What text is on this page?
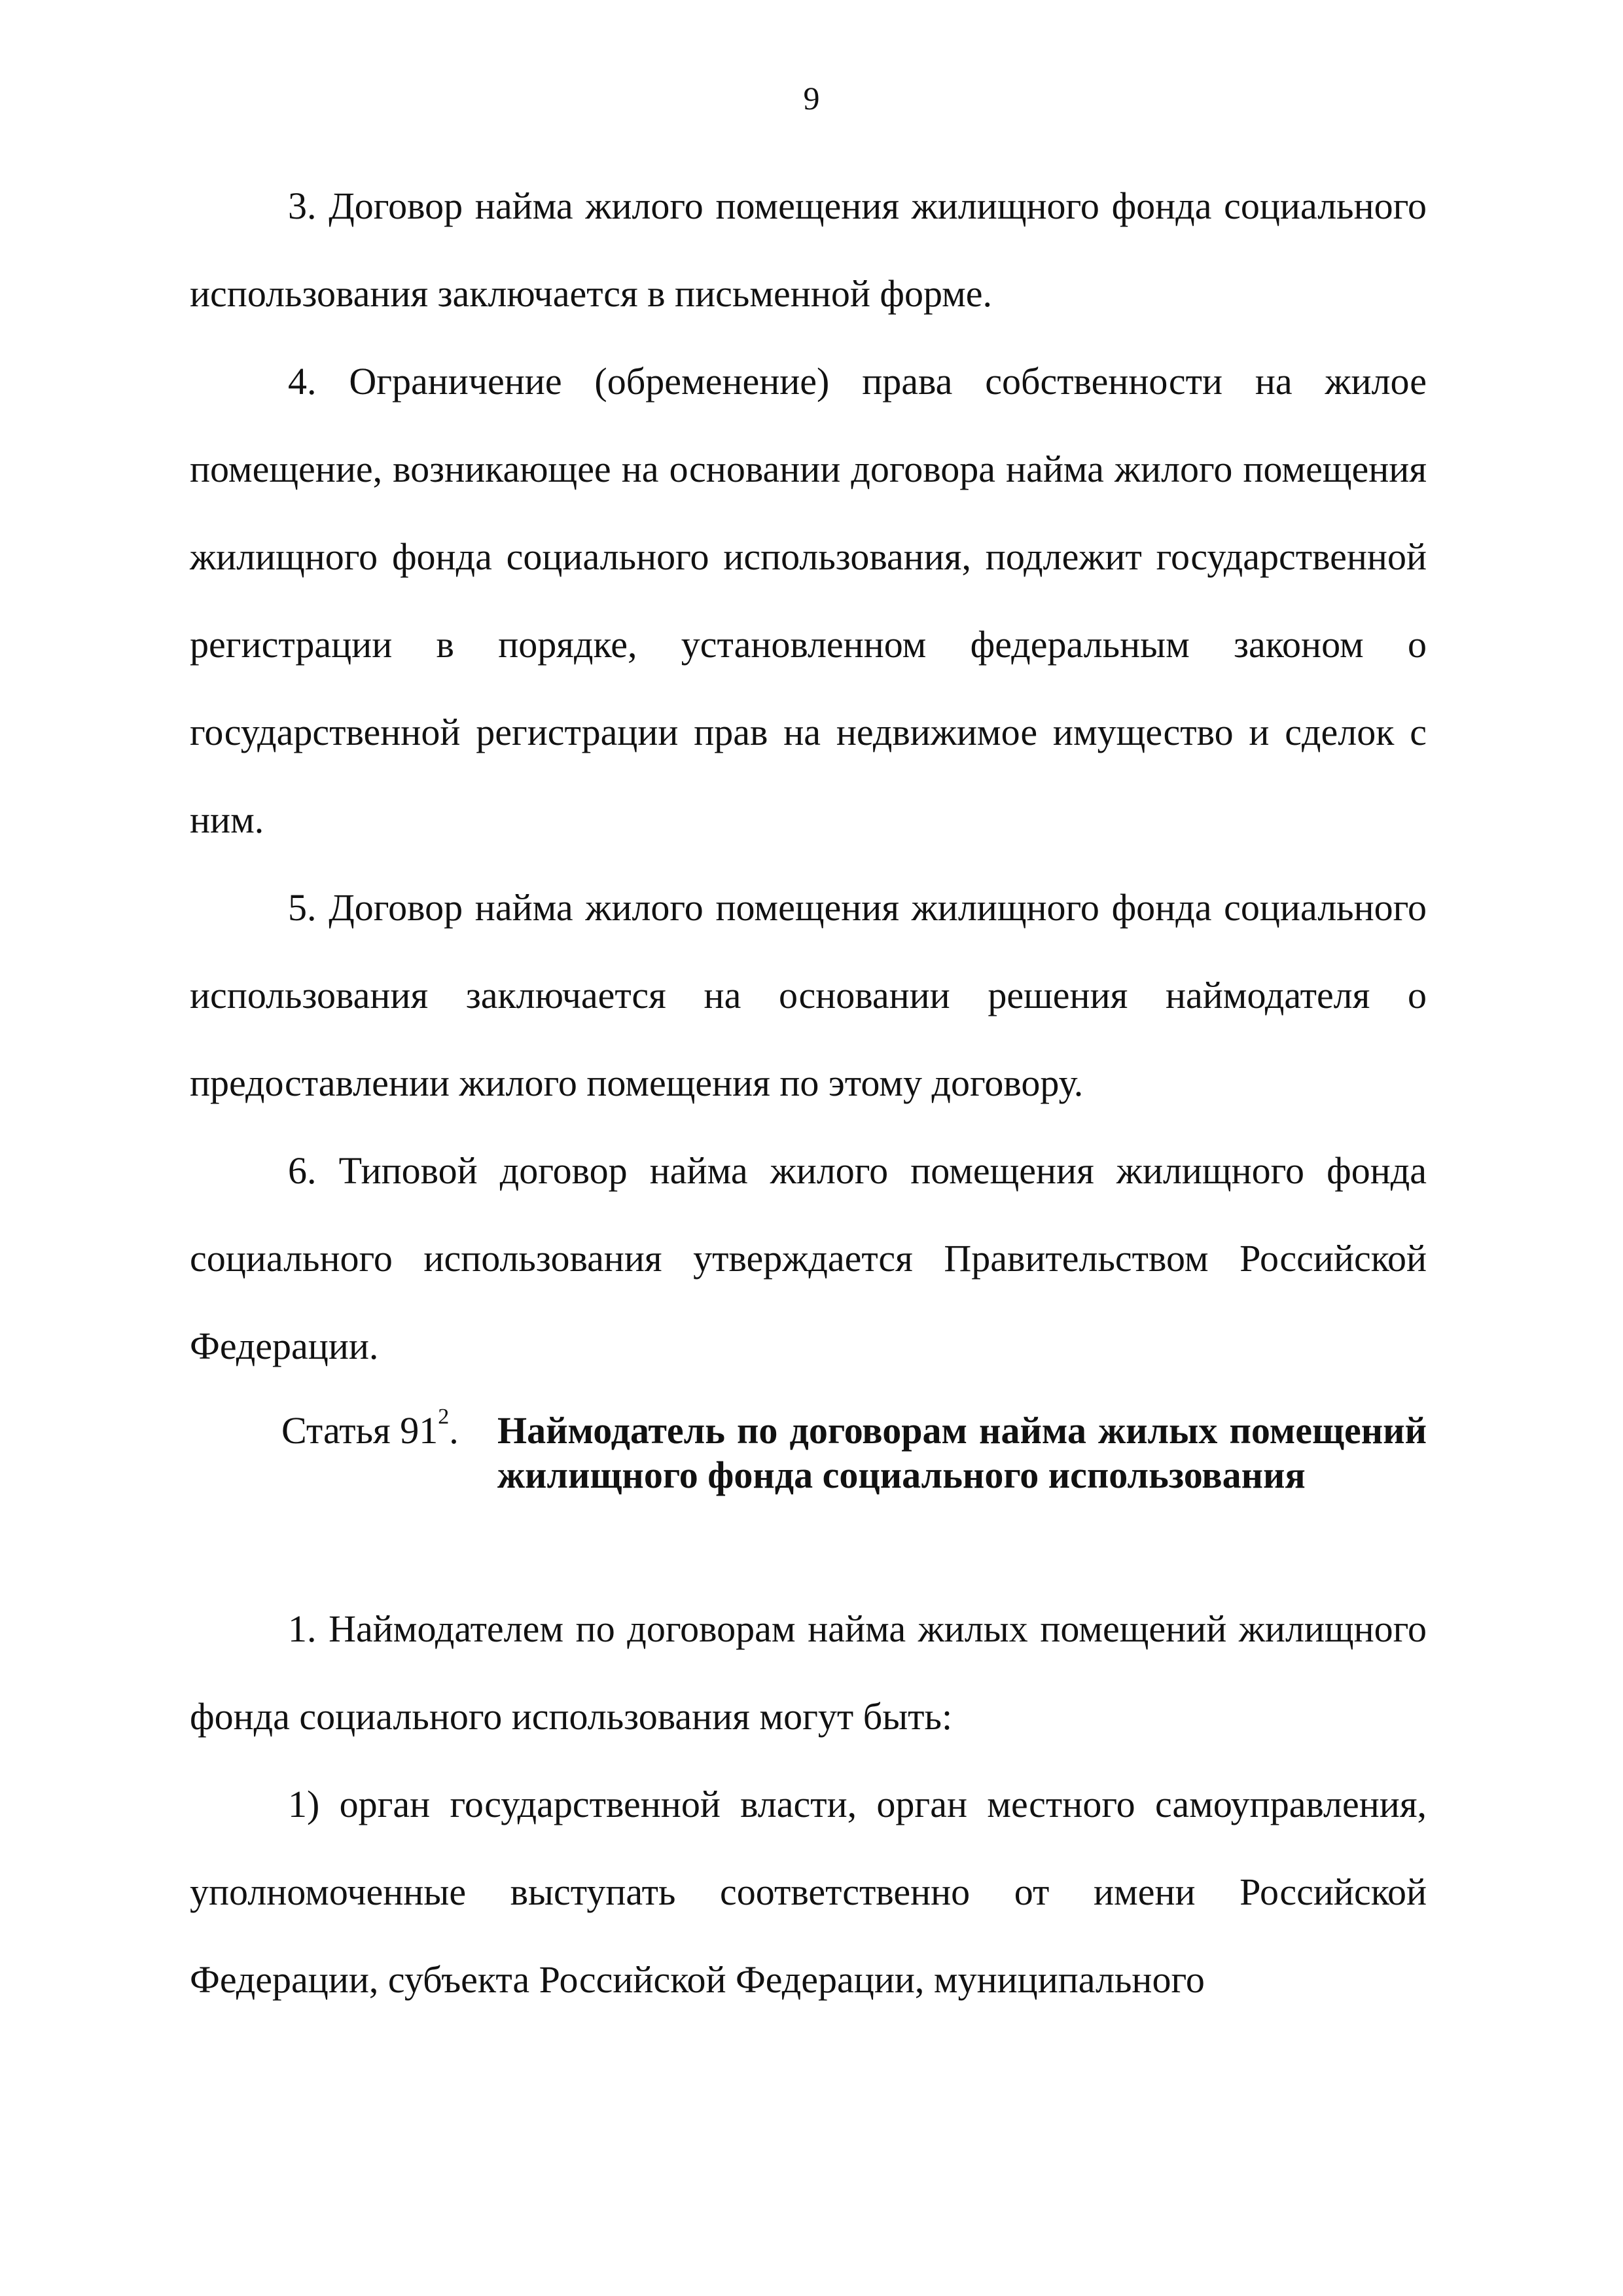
9

3. Договор найма жилого помещения жилищного фонда социального использования заключается в письменной форме.

4. Ограничение (обременение) права собственности на жилое помещение, возникающее на основании договора найма жилого помещения жилищного фонда социального использования, подлежит государственной регистрации в порядке, установленном федеральным законом о государственной регистрации прав на недвижимое имущество и сделок с ним.

5. Договор найма жилого помещения жилищного фонда социального использования заключается на основании решения наймодателя о предоставлении жилого помещения по этому договору.

6. Типовой договор найма жилого помещения жилищного фонда социального использования утверждается Правительством Российской Федерации.

Статья $91^2$. Наймодатель по договорам найма жилых помещений жилищного фонда социального использования

1. Наймодателем по договорам найма жилых помещений жилищного фонда социального использования могут быть:

1) орган государственной власти, орган местного самоуправления, уполномоченные выступать соответственно от имени Российской Федерации, субъекта Российской Федерации, муниципального
